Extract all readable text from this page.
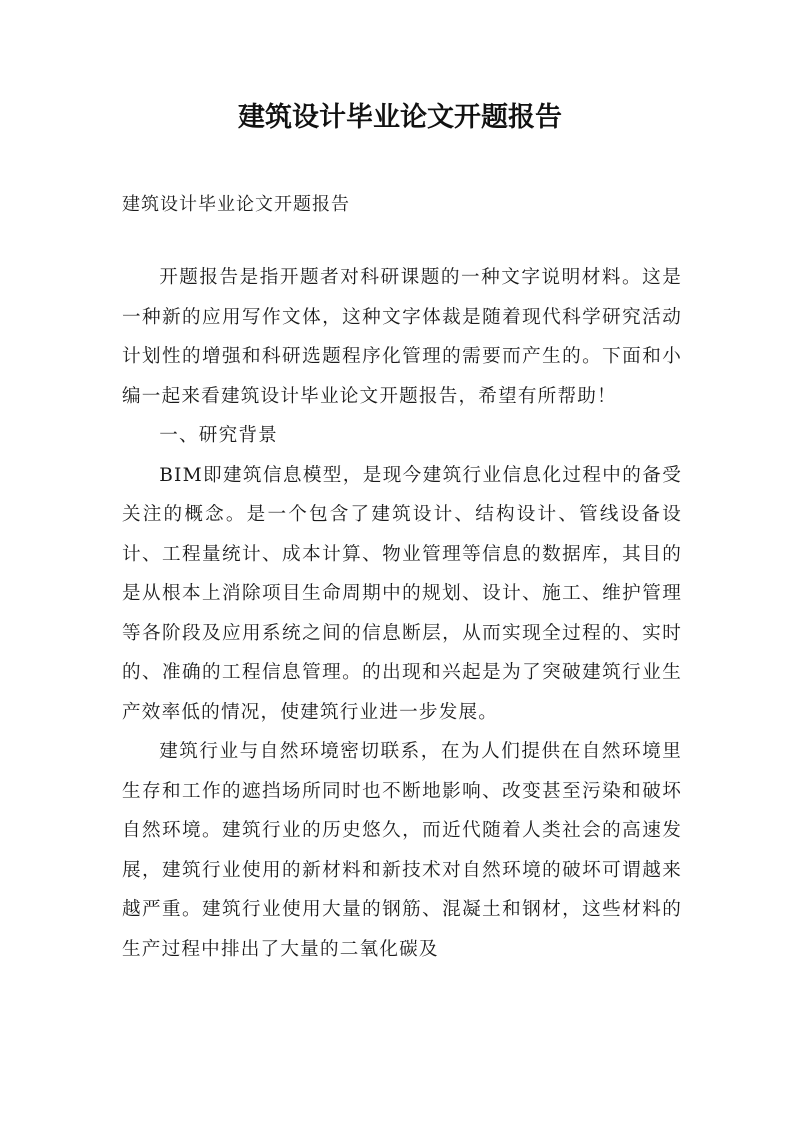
建筑设计毕业论文开题报告

建筑设计毕业论文开题报告

开题报告是指开题者对科研课题的一种文字说明材料。这是一种新的应用写作文体，这种文字体裁是随着现代科学研究活动计划性的增强和科研选题程序化管理的需要而产生的。下面和小编一起来看建筑设计毕业论文开题报告，希望有所帮助！

一、研究背景

BIM即建筑信息模型，是现今建筑行业信息化过程中的备受关注的概念。是一个包含了建筑设计、结构设计、管线设备设计、工程量统计、成本计算、物业管理等信息的数据库，其目的是从根本上消除项目生命周期中的规划、设计、施工、维护管理等各阶段及应用系统之间的信息断层，从而实现全过程的、实时的、准确的工程信息管理。的出现和兴起是为了突破建筑行业生产效率低的情况，使建筑行业进一步发展。

建筑行业与自然环境密切联系，在为人们提供在自然环境里生存和工作的遮挡场所同时也不断地影响、改变甚至污染和破坏自然环境。建筑行业的历史悠久，而近代随着人类社会的高速发展，建筑行业使用的新材料和新技术对自然环境的破坏可谓越来越严重。建筑行业使用大量的钢筋、混凝土和钢材，这些材料的生产过程中排出了大量的二氧化碳及
